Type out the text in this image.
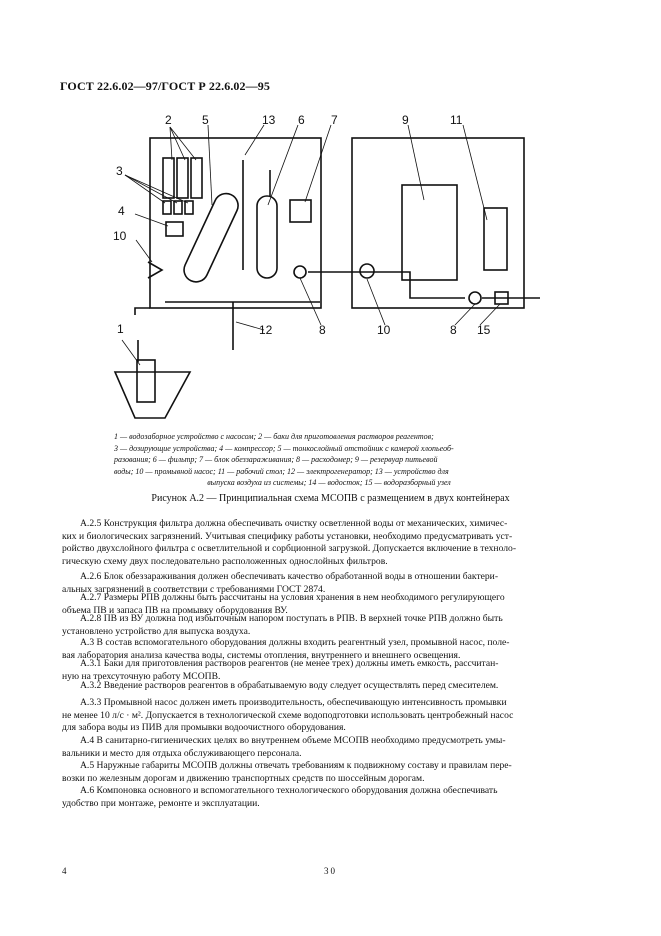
ГОСТ 22.6.02—97/ГОСТ Р 22.6.02—95
2	5	13 6 7	9	11
3
4
10
1	12	8	10	8 15
1 — водозаборное устройство с насосом; 2 — баки для приготовления растворов реагентов;
3 — дозирующие устройства; 4 — компрессор; 5 — тонкослойный отстойник с камерой хлопьеоб-
разования; 6 — фильтр; 7 — блок обеззараживания; 8 — расходомер; 9 — резервуар питьевой
воды; 10 — промывной насос; 11 — рабочий стол; 12 — электрогенератор; 13 — устройство для
выпуска воздуха из системы; 14 — водосток; 15 — водоразборный узел
Рисунок А.2 — Принципиальная схема МСОПВ с размещением в двух контейнерах
А.2.5 Конструкция фильтра должна обеспечивать очистку осветленной воды от механических, химичес-
ких и биологических загрязнений. Учитывая специфику работы установки, необходимо предусматривать уст-
ройство двухслойного фильтра с осветлительной и сорбционной загрузкой. Допускается включение в техноло-
гическую схему двух последовательно расположенных однослойных фильтров.
А.2.6 Блок обеззараживания должен обеспечивать качество обработанной воды в отношении бактери-
альных загрязнений в соответствии с требованиями ГОСТ 2874.
А.2.7 Размеры РПВ должны быть рассчитаны на условия хранения в нем необходимого регулирующего
объема ПВ и запаса ПВ на промывку оборудования ВУ.
А.2.8 ПВ из ВУ должна под избыточным напором поступать в РПВ. В верхней точке РПВ должно быть
установлено устройство для выпуска воздуха.
А.3 В состав вспомогательного оборудования должны входить реагентный узел, промывной насос, поле-
вая лаборатория анализа качества воды, системы отопления, внутреннего и внешнего освещения.
А.3.1 Баки для приготовления растворов реагентов (не менее трех) должны иметь емкость, рассчитан-
ную на трехсуточную работу МСОПВ.
А.3.2 Введение растворов реагентов в обрабатываемую воду следует осуществлять перед смесителем.
А.3.3 Промывной насос должен иметь производительность, обеспечивающую интенсивность промывки
не менее 10 л/с · м². Допускается в технологической схеме водоподготовки использовать центробежный насос
для забора воды из ПИВ для промывки водоочистного оборудования.
А.4 В санитарно-гигиенических целях во внутреннем объеме МСОПВ необходимо предусмотреть умы-
вальники и место для отдыха обслуживающего персонала.
А.5 Наружные габариты МСОПВ должны отвечать требованиям к подвижному составу и правилам пере-
возки по железным дорогам и движению транспортных средств по шоссейным дорогам.
А.6 Компоновка основного и вспомогательного технологического оборудования должна обеспечивать
удобство при монтаже, ремонте и эксплуатации.
4	30
